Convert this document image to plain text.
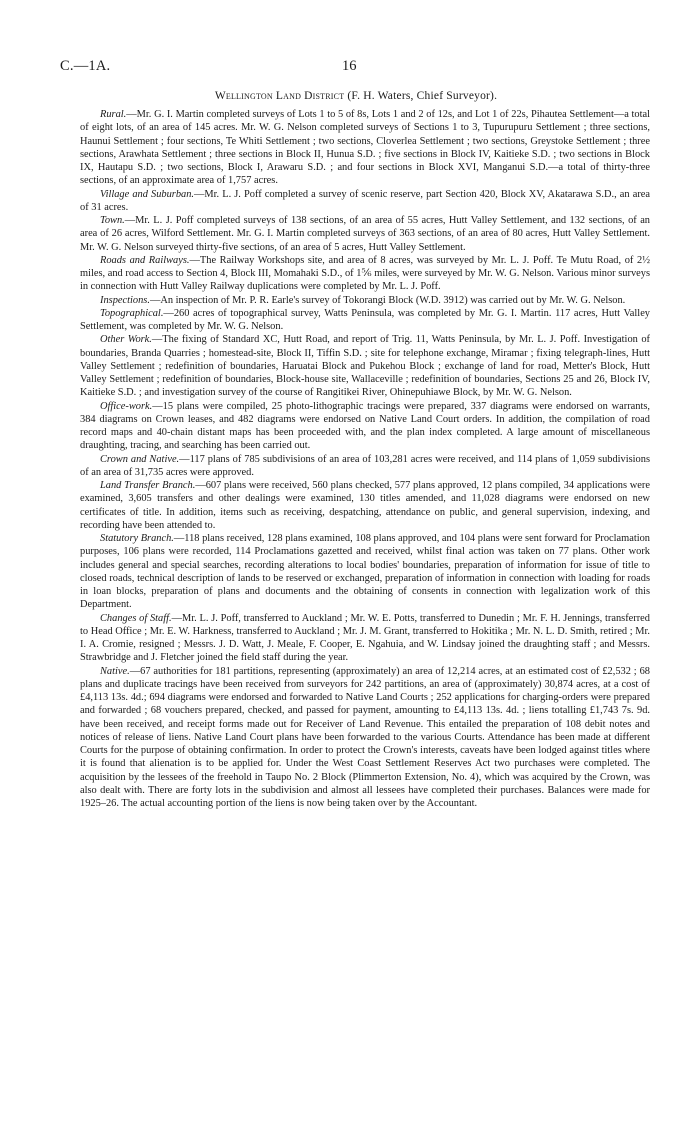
C.—1A.	16
Wellington Land District (F. H. Waters, Chief Surveyor).

Rural.—Mr. G. I. Martin completed surveys of Lots 1 to 5 of 8s, Lots 1 and 2 of 12s, and Lot 1 of 22s, Pihautea Settlement—a total of eight lots, of an area of 145 acres. Mr. W. G. Nelson completed surveys of Sections 1 to 3, Tupurupuru Settlement ; three sections, Haunui Settlement ; four sections, Te Whiti Settlement ; two sections, Cloverlea Settlement ; two sections, Greystoke Settlement ; three sections, Arawhata Settlement ; three sections in Block II, Hunua S.D. ; five sections in Block IV, Kaitieke S.D. ; two sections in Block IX, Hautapu S.D. ; two sections, Block I, Arawaru S.D. ; and four sections in Block XVI, Manganui S.D.—a total of thirty-three sections, of an approximate area of 1,757 acres.

Village and Suburban.—Mr. L. J. Poff completed a survey of scenic reserve, part Section 420, Block XV, Akatarawa S.D., an area of 31 acres.

Town.—Mr. L. J. Poff completed surveys of 138 sections, of an area of 55 acres, Hutt Valley Settlement, and 132 sections, of an area of 26 acres, Wilford Settlement. Mr. G. I. Martin completed surveys of 363 sections, of an area of 80 acres, Hutt Valley Settlement. Mr. W. G. Nelson surveyed thirty-five sections, of an area of 5 acres, Hutt Valley Settlement.

Roads and Railways.—The Railway Workshops site, and area of 8 acres, was surveyed by Mr. L. J. Poff. Te Mutu Road, of 2½ miles, and road access to Section 4, Block III, Momahaki S.D., of 1⅚ miles, were surveyed by Mr. W. G. Nelson. Various minor surveys in connection with Hutt Valley Railway duplications were completed by Mr. L. J. Poff.

Inspections.—An inspection of Mr. P. R. Earle's survey of Tokorangi Block (W.D. 3912) was carried out by Mr. W. G. Nelson.

Topographical.—260 acres of topographical survey, Watts Peninsula, was completed by Mr. G. I. Martin. 117 acres, Hutt Valley Settlement, was completed by Mr. W. G. Nelson.

Other Work.—The fixing of Standard XC, Hutt Road, and report of Trig. 11, Watts Peninsula, by Mr. L. J. Poff. Investigation of boundaries, Branda Quarries ; homestead-site, Block II, Tiffin S.D. ; site for telephone exchange, Miramar ; fixing telegraph-lines, Hutt Valley Settlement ; redefinition of boundaries, Haruatai Block and Pukehou Block ; exchange of land for road, Metter's Block, Hutt Valley Settlement ; redefinition of boundaries, Block-house site, Wallaceville ; redefinition of boundaries, Sections 25 and 26, Block IV, Kaitieke S.D. ; and investigation survey of the course of Rangitikei River, Ohinepuhiawe Block, by Mr. W. G. Nelson.

Office-work.—15 plans were compiled, 25 photo-lithographic tracings were prepared, 337 diagrams were endorsed on warrants, 384 diagrams on Crown leases, and 482 diagrams were endorsed on Native Land Court orders. In addition, the compilation of road record maps and 40-chain distant maps has been proceeded with, and the plan index completed. A large amount of miscellaneous draughting, tracing, and searching has been carried out.

Crown and Native.—117 plans of 785 subdivisions of an area of 103,281 acres were received, and 114 plans of 1,059 subdivisions of an area of 31,735 acres were approved.

Land Transfer Branch.—607 plans were received, 560 plans checked, 577 plans approved, 12 plans compiled, 34 applications were examined, 3,605 transfers and other dealings were examined, 130 titles amended, and 11,028 diagrams were endorsed on new certificates of title. In addition, items such as receiving, despatching, attendance on public, and general supervision, indexing, and recording have been attended to.

Statutory Branch.—118 plans received, 128 plans examined, 108 plans approved, and 104 plans were sent forward for Proclamation purposes, 106 plans were recorded, 114 Proclamations gazetted and received, whilst final action was taken on 77 plans. Other work includes general and special searches, recording alterations to local bodies' boundaries, preparation of information for issue of title to closed roads, technical description of lands to be reserved or exchanged, preparation of information in connection with loading for roads in loan blocks, preparation of plans and documents and the obtaining of consents in connection with legalization work of this Department.

Changes of Staff.—Mr. L. J. Poff, transferred to Auckland ; Mr. W. E. Potts, transferred to Dunedin ; Mr. F. H. Jennings, transferred to Head Office ; Mr. E. W. Harkness, transferred to Auckland ; Mr. J. M. Grant, transferred to Hokitika ; Mr. N. L. D. Smith, retired ; Mr. I. A. Cromie, resigned ; Messrs. J. D. Watt, J. Meale, F. Cooper, E. Ngahuia, and W. Lindsay joined the draughting staff ; and Messrs. Strawbridge and J. Fletcher joined the field staff during the year.

Native.—67 authorities for 181 partitions, representing (approximately) an area of 12,214 acres, at an estimated cost of £2,532 ; 68 plans and duplicate tracings have been received from surveyors for 242 partitions, an area of (approximately) 30,874 acres, at a cost of £4,113 13s. 4d.; 694 diagrams were endorsed and forwarded to Native Land Courts ; 252 applications for charging-orders were prepared and forwarded ; 68 vouchers prepared, checked, and passed for payment, amounting to £4,113 13s. 4d. ; liens totalling £1,743 7s. 9d. have been received, and receipt forms made out for Receiver of Land Revenue. This entailed the preparation of 108 debit notes and notices of release of liens. Native Land Court plans have been forwarded to the various Courts. Attendance has been made at different Courts for the purpose of obtaining confirmation. In order to protect the Crown's interests, caveats have been lodged against titles where it is found that alienation is to be applied for. Under the West Coast Settlement Reserves Act two purchases were completed. The acquisition by the lessees of the freehold in Taupo No. 2 Block (Plimmerton Extension, No. 4), which was acquired by the Crown, was also dealt with. There are forty lots in the subdivision and almost all lessees have completed their purchases. Balances were made for 1925–26. The actual accounting portion of the liens is now being taken over by the Accountant.
